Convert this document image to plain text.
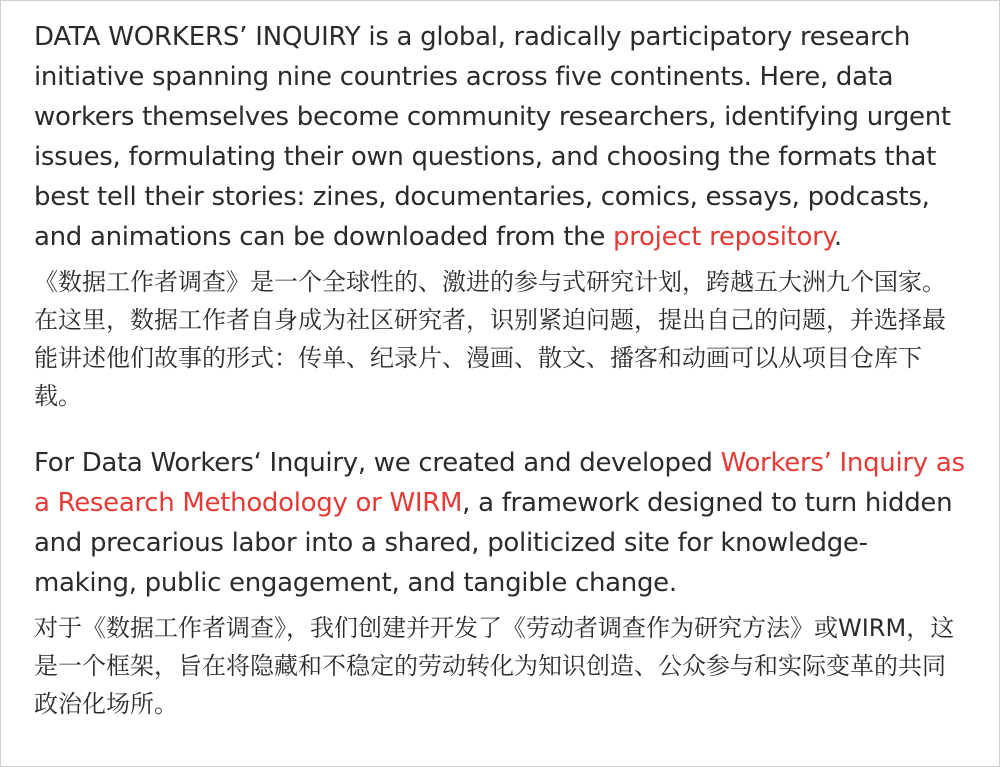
DATA WORKERS’ INQUIRY is a global, radically participatory research initiative spanning nine countries across five continents. Here, data workers themselves become community researchers, identifying urgent issues, formulating their own questions, and choosing the formats that best tell their stories: zines, documentaries, comics, essays, podcasts, and animations can be downloaded from the project repository.

《数据工作者调查》是一个全球性的、激进的参与式研究计划，跨越五大洲九个国家。在这里，数据工作者自身成为社区研究者，识别紧迫问题，提出自己的问题，并选择最能讲述他们故事的形式：传单、纪录片、漫画、散文、播客和动画可以从项目仓库下载。

For Data Workers‘ Inquiry, we created and developed Workers’ Inquiry as a Research Methodology or WIRM, a framework designed to turn hidden and precarious labor into a shared, politicized site for knowledge-making, public engagement, and tangible change.

对于《数据工作者调查》，我们创建并开发了《劳动者调查作为研究方法》或WIRM，这是一个框架，旨在将隐藏和不稳定的劳动转化为知识创造、公众参与和实际变革的共同政治化场所。
